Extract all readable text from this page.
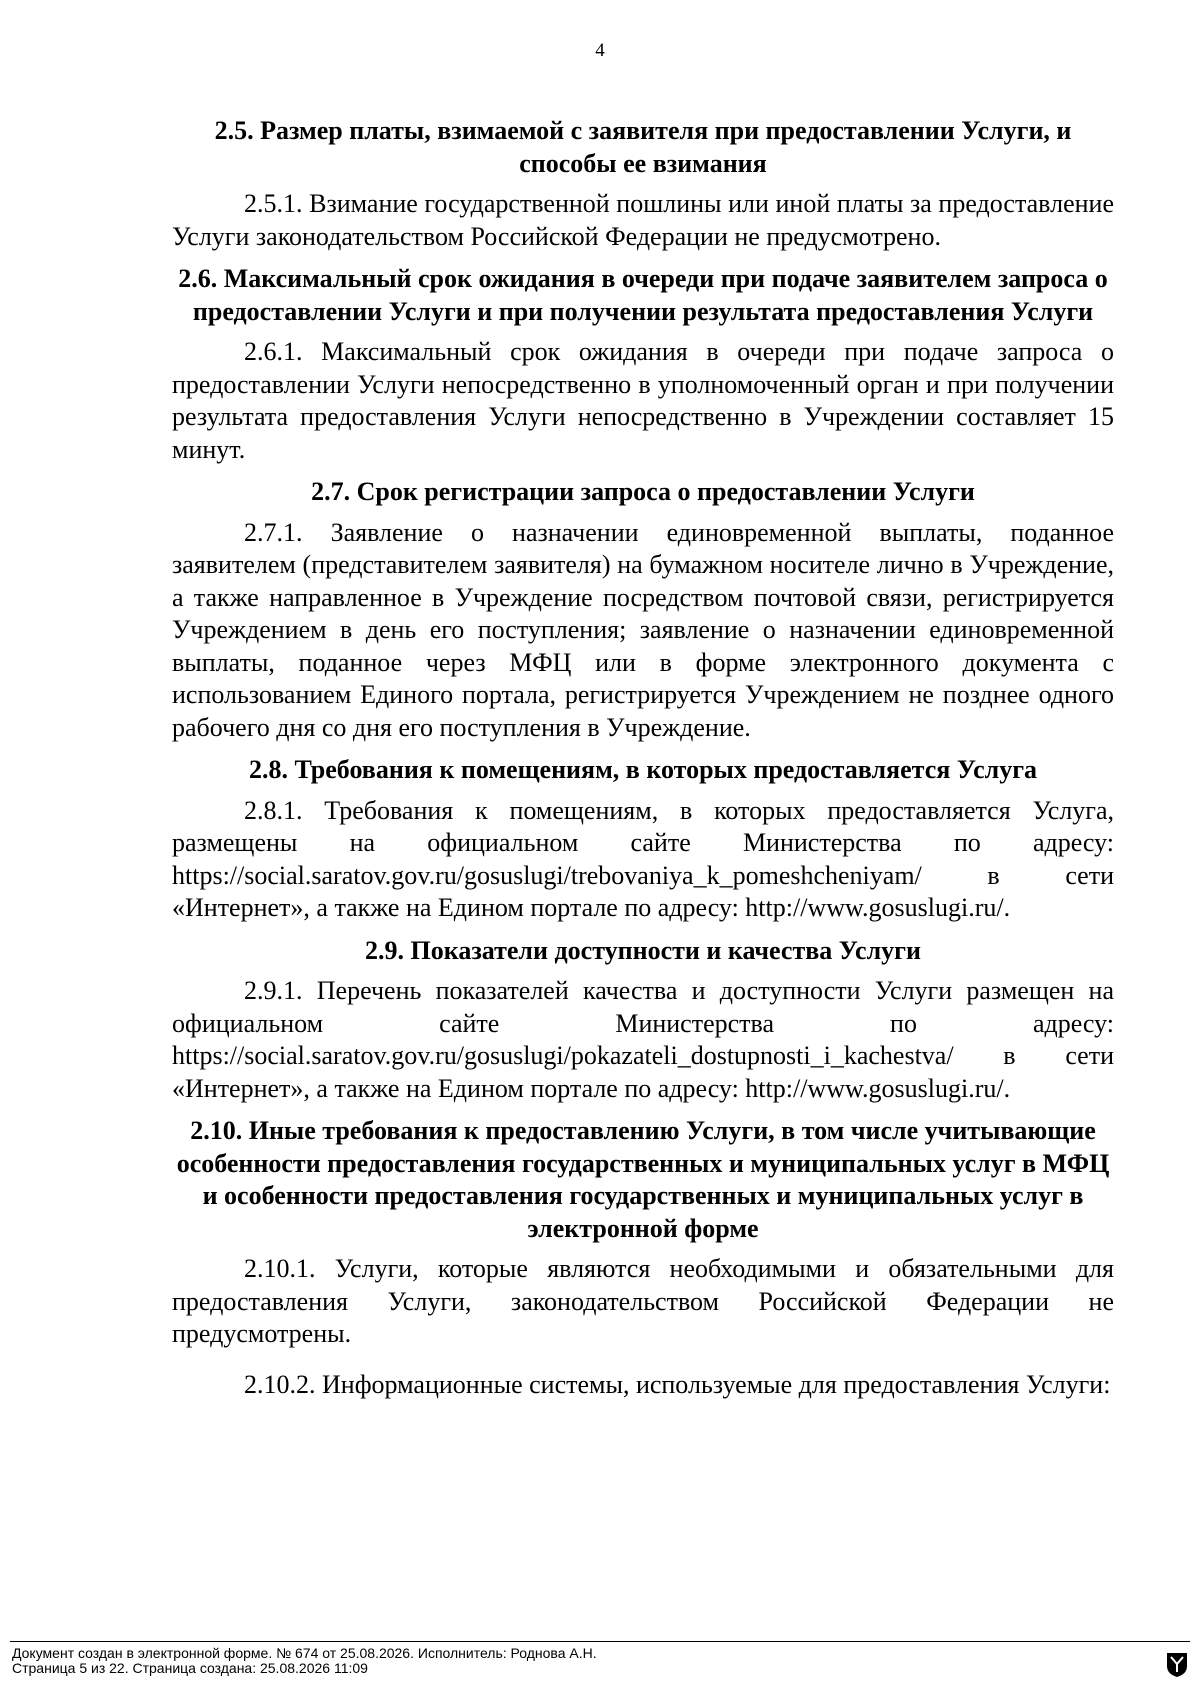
4
2.5. Размер платы, взимаемой с заявителя при предоставлении Услуги, и способы ее взимания

2.5.1. Взимание государственной пошлины или иной платы за предоставление Услуги законодательством Российской Федерации не предусмотрено.

2.6. Максимальный срок ожидания в очереди при подаче заявителем запроса о предоставлении Услуги и при получении результата предоставления Услуги

2.6.1. Максимальный срок ожидания в очереди при подаче запроса о предоставлении Услуги непосредственно в уполномоченный орган и при получении результата предоставления Услуги непосредственно в Учреждении составляет 15 минут.

2.7. Срок регистрации запроса о предоставлении Услуги

2.7.1. Заявление о назначении единовременной выплаты, поданное заявителем (представителем заявителя) на бумажном носителе лично в Учреждение, а также направленное в Учреждение посредством почтовой связи, регистрируется Учреждением в день его поступления; заявление о назначении единовременной выплаты, поданное через МФЦ или в форме электронного документа с использованием Единого портала, регистрируется Учреждением не позднее одного рабочего дня со дня его поступления в Учреждение.

2.8. Требования к помещениям, в которых предоставляется Услуга

2.8.1. Требования к помещениям, в которых предоставляется Услуга, размещены на официальном сайте Министерства по адресу: https://social.saratov.gov.ru/gosuslugi/trebovaniya_k_pomeshcheniyam/ в сети «Интернет», а также на Едином портале по адресу: http://www.gosuslugi.ru/.

2.9. Показатели доступности и качества Услуги

2.9.1. Перечень показателей качества и доступности Услуги размещен на официальном сайте Министерства по адресу: https://social.saratov.gov.ru/gosuslugi/pokazateli_dostupnosti_i_kachestva/ в сети «Интернет», а также на Едином портале по адресу: http://www.gosuslugi.ru/.

2.10. Иные требования к предоставлению Услуги, в том числе учитывающие особенности предоставления государственных и муниципальных услуг в МФЦ и особенности предоставления государственных и муниципальных услуг в электронной форме

2.10.1. Услуги, которые являются необходимыми и обязательными для предоставления Услуги, законодательством Российской Федерации не предусмотрены.

2.10.2. Информационные системы, используемые для предоставления Услуги:

Документ создан в электронной форме. № 674 от 25.08.2026. Исполнитель: Роднова А.Н.
Страница 5 из 22. Страница создана: 25.08.2026 11:09
